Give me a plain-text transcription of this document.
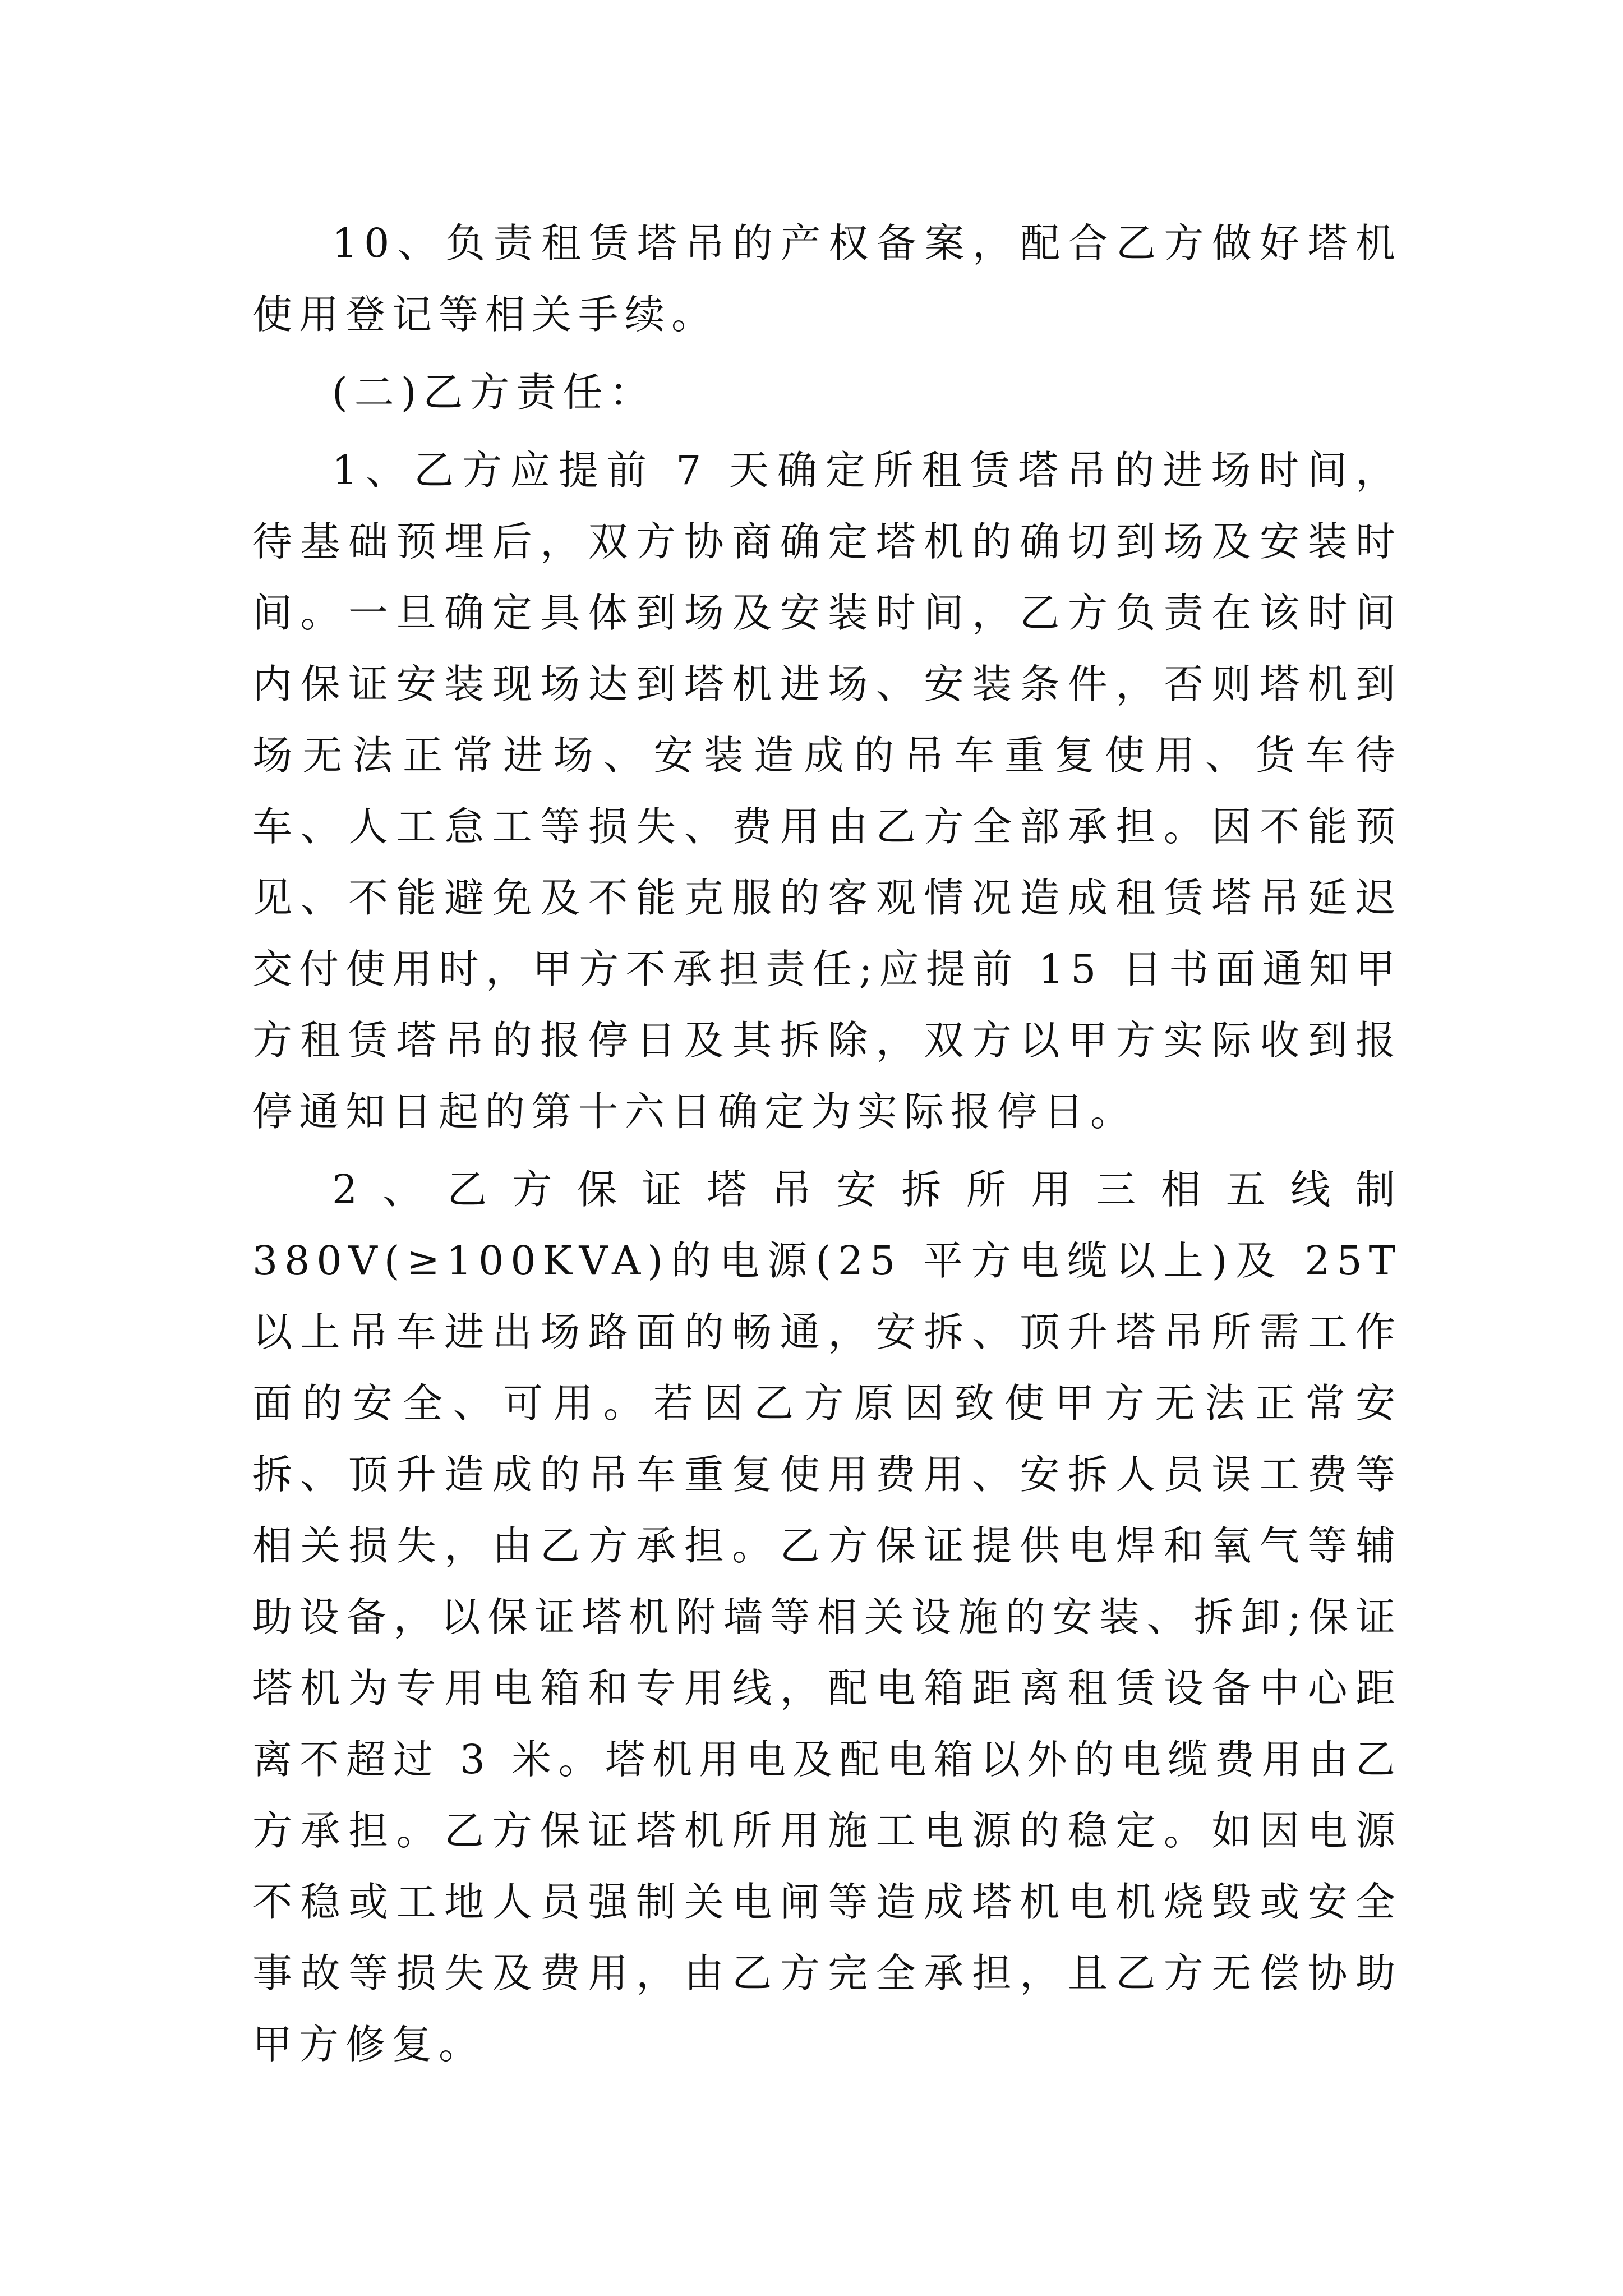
10、负责租赁塔吊的产权备案，配合乙方做好塔机使用登记等相关手续。

(二)乙方责任：

1、乙方应提前 7 天确定所租赁塔吊的进场时间，待基础预埋后，双方协商确定塔机的确切到场及安装时间。一旦确定具体到场及安装时间，乙方负责在该时间内保证安装现场达到塔机进场、安装条件，否则塔机到场无法正常进场、安装造成的吊车重复使用、货车待车、人工怠工等损失、费用由乙方全部承担。因不能预见、不能避免及不能克服的客观情况造成租赁塔吊延迟交付使用时，甲方不承担责任;应提前 15 日书面通知甲方租赁塔吊的报停日及其拆除，双方以甲方实际收到报停通知日起的第十六日确定为实际报停日。

2、乙方保证塔吊安拆所用三相五线制 380V(≥100KVA)的电源(25 平方电缆以上)及 25T 以上吊车进出场路面的畅通，安拆、顶升塔吊所需工作面的安全、可用。若因乙方原因致使甲方无法正常安拆、顶升造成的吊车重复使用费用、安拆人员误工费等相关损失，由乙方承担。乙方保证提供电焊和氧气等辅助设备，以保证塔机附墙等相关设施的安装、拆卸;保证塔机为专用电箱和专用线，配电箱距离租赁设备中心距离不超过 3 米。塔机用电及配电箱以外的电缆费用由乙方承担。乙方保证塔机所用施工电源的稳定。如因电源不稳或工地人员强制关电闸等造成塔机电机烧毁或安全事故等损失及费用，由乙方完全承担，且乙方无偿协助甲方修复。
